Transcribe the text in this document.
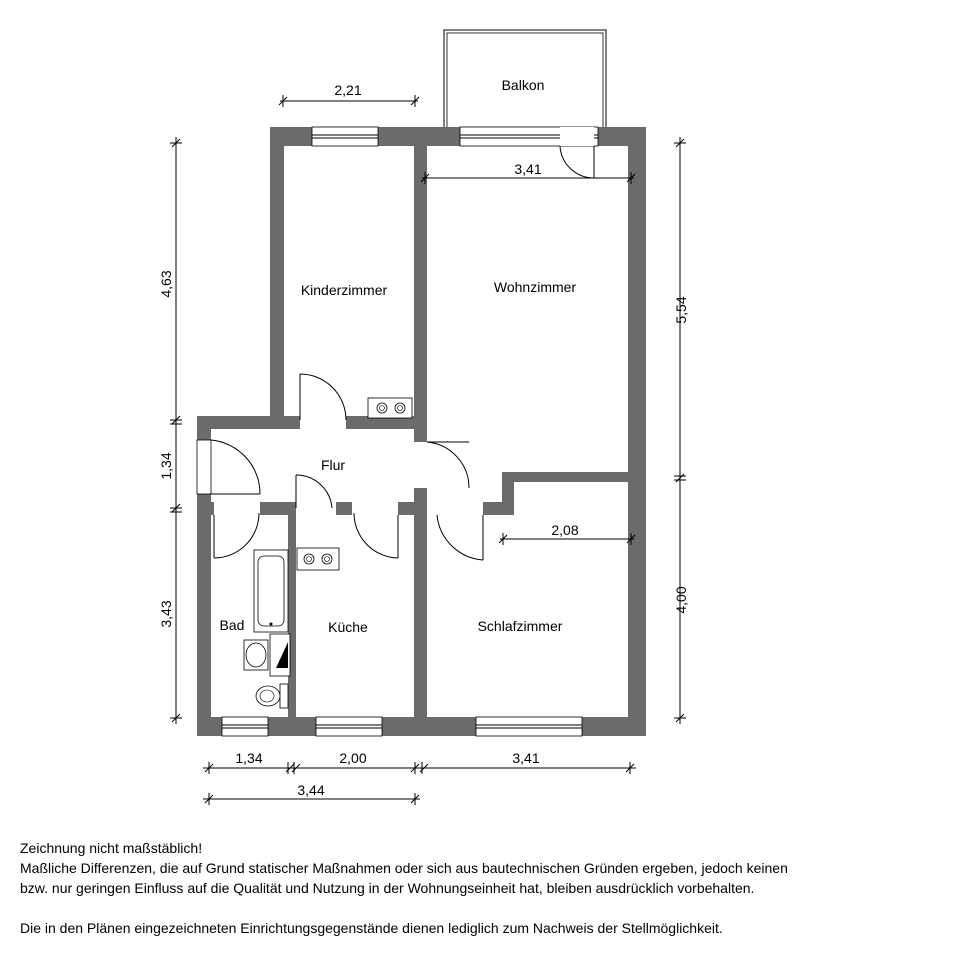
Balkon
Kinderzimmer	Wohnzimmer
Flur
Bad	Küche	Schlafzimmer
2,21
3,41
2,08
4,63
1,34
3,43
5,54
4,00
1,34	2,00	3,41
3,44

Zeichnung nicht maßstäblich!

Maßliche Differenzen, die auf Grund statischer Maßnahmen oder sich aus bautechnischen Gründen ergeben, jedoch keinen

bzw. nur geringen Einfluss auf die Qualität und Nutzung in der Wohnungseinheit hat, bleiben ausdrücklich vorbehalten.

Die in den Plänen eingezeichneten Einrichtungsgegenstände dienen lediglich zum Nachweis der Stellmöglichkeit.
